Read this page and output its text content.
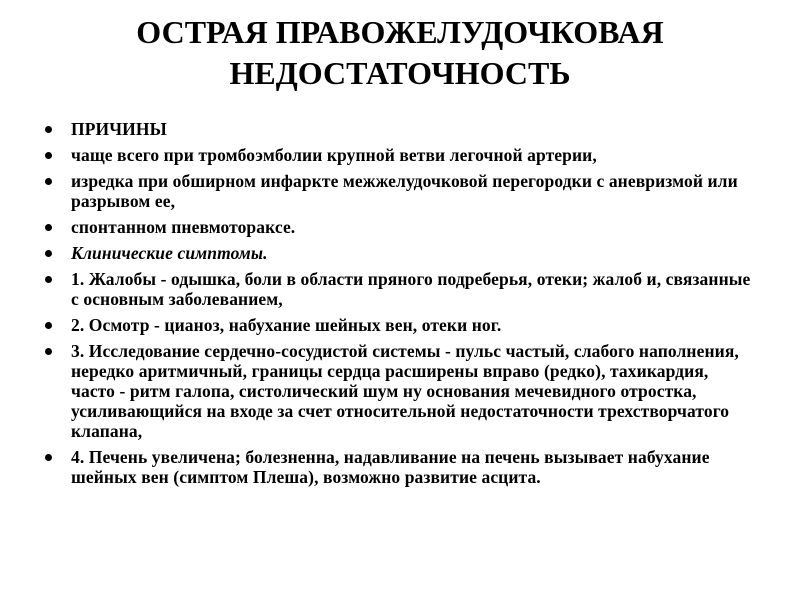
ОСТРАЯ ПРАВОЖЕЛУДОЧКОВАЯ
НЕДОСТАТОЧНОСТЬ
ПРИЧИНЫ
чаще всего при тромбоэмболии крупной ветви легочной артерии,
изредка при обширном инфаркте межжелудочковой перегородки с аневризмой или разрывом ее,
спонтанном пневмотораксе.
Клинические симптомы.
1. Жалобы - одышка, боли в области пряного подреберья, отеки; жалоб и, связанные с основным заболеванием,
2. Осмотр - цианоз, набухание шейных вен, отеки ног.
3. Исследование сердечно-сосудистой системы - пульс частый, слабого наполнения, нередко аритмичный, границы сердца расширены вправо (редко), тахикардия, часто - ритм галопа, систолический шум ну основания мечевидного отростка, усиливающийся на входе за счет относительной недостаточности трехстворчатого клапана,
4. Печень увеличена; болезненна, надавливание на печень вызывает набухание шейных вен (симптом Плеша), возможно развитие асцита.
